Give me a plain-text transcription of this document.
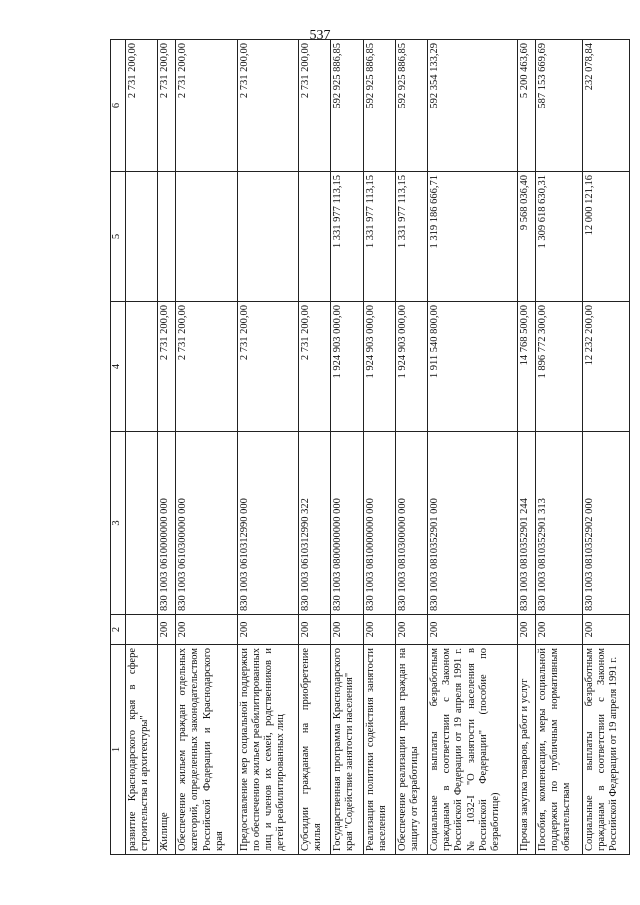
537
1	2	3	4	5	6
развитие Краснодарского края в сфере строительства и архитектуры"					2 731 200,00
Жилище	200	830 1003 0610000000 000	2 731 200,00		2 731 200,00
Обеспечение жильем граждан отдельных категорий, определенных законодательством Российской Федерации и Краснодарского края	200	830 1003 0610300000 000	2 731 200,00		2 731 200,00
Предоставление мер социальной поддержки по обеспечению жильем реабилитированных лиц и членов их семей, родственников и детей реабилитированных лиц	200	830 1003 0610312990 000	2 731 200,00		2 731 200,00
Субсидии гражданам на приобретение жилья	200	830 1003 0610312990 322	2 731 200,00		2 731 200,00
Государственная программа Краснодарского края "Содействие занятости населения"	200	830 1003 0800000000 000	1 924 903 000,00	1 331 977 113,15	592 925 886,85
Реализация политики содействия занятости населения	200	830 1003 0810000000 000	1 924 903 000,00	1 331 977 113,15	592 925 886,85
Обеспечение реализации права граждан на защиту от безработицы	200	830 1003 0810300000 000	1 924 903 000,00	1 331 977 113,15	592 925 886,85
Социальные выплаты безработным гражданам в соответствии с Законом Российской Федерации от 19 апреля 1991 г. № 1032-I "О занятости населения в Российской Федерации" (пособие по безработице)	200	830 1003 0810352901 000	1 911 540 800,00	1 319 186 666,71	592 354 133,29
Прочая закупка товаров, работ и услуг	200	830 1003 0810352901 244	14 768 500,00	9 568 036,40	5 200 463,60
Пособия, компенсации, меры социальной поддержки по публичным нормативным обязательствам	200	830 1003 0810352901 313	1 896 772 300,00	1 309 618 630,31	587 153 669,69
Социальные выплаты безработным гражданам в соответствии с Законом Российской Федерации от 19 апреля 1991 г.	200	830 1003 0810352902 000	12 232 200,00	12 000 121,16	232 078,84
